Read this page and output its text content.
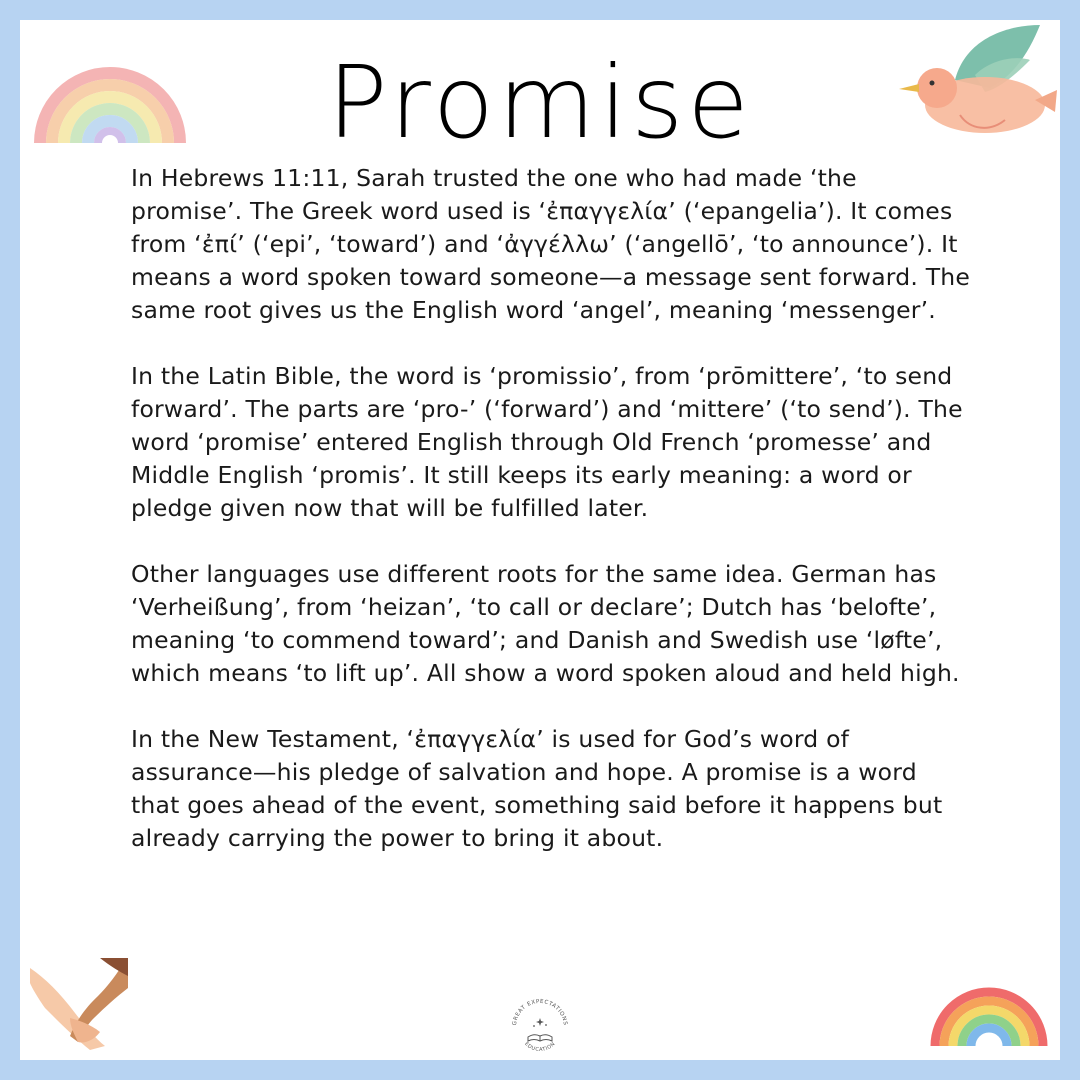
Promise

In Hebrews 11:11, Sarah trusted the one who had made ‘the promise’. The Greek word used is ‘ἐπαγγελία’ (‘epangelia’). It comes from ‘ἐπί’ (‘epi’, ‘toward’) and ‘ἀγγέλλω’ (‘angellō’, ‘to announce’). It means a word spoken toward someone—a message sent forward. The same root gives us the English word ‘angel’, meaning ‘messenger’.

In the Latin Bible, the word is ‘promissio’, from ‘prōmittere’, ‘to send forward’. The parts are ‘pro-’ (‘forward’) and ‘mittere’ (‘to send’). The word ‘promise’ entered English through Old French ‘promesse’ and Middle English ‘promis’. It still keeps its early meaning: a word or pledge given now that will be fulfilled later.

Other languages use different roots for the same idea. German has ‘Verheißung’, from ‘heizan’, ‘to call or declare’; Dutch has ‘belofte’, meaning ‘to commend toward’; and Danish and Swedish use ‘løfte’, which means ‘to lift up’. All show a word spoken aloud and held high.

In the New Testament, ‘ἐπαγγελία’ is used for God’s word of assurance—his pledge of salvation and hope. A promise is a word that goes ahead of the event, something said before it happens but already carrying the power to bring it about.

GREAT EXPECTATIONS
EDUCATION
